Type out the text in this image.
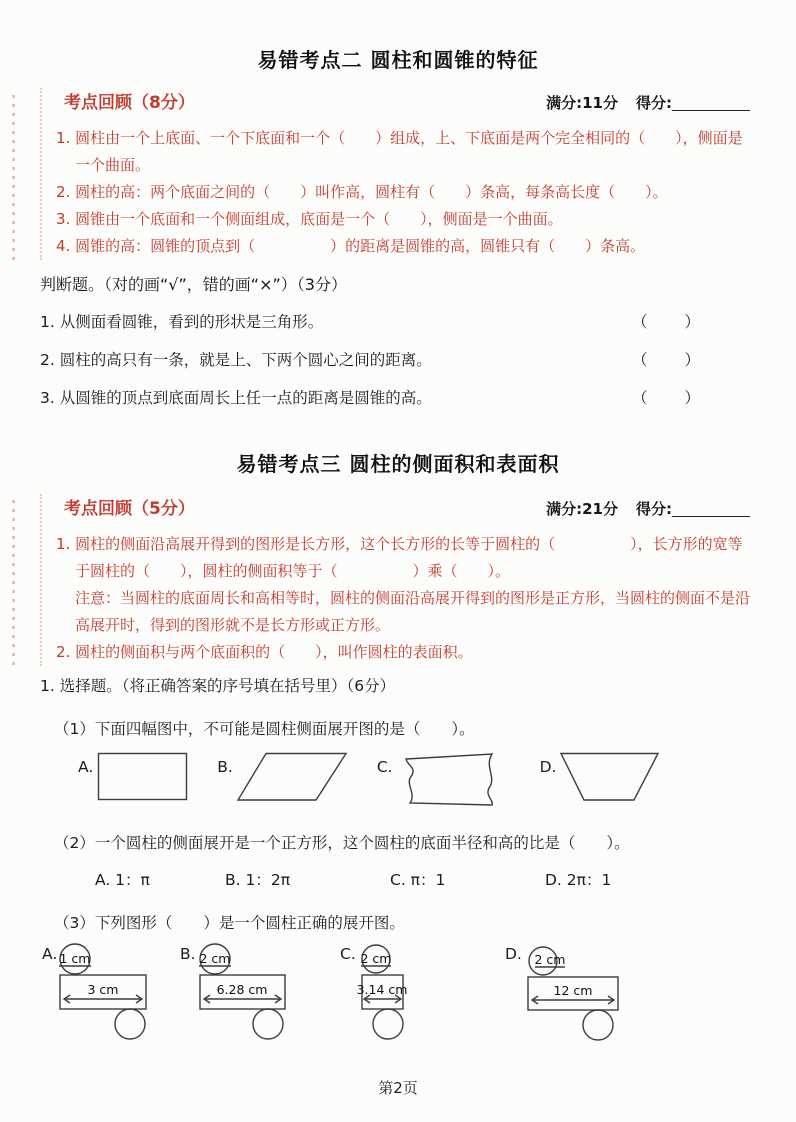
易错考点二 圆柱和圆锥的特征
考点回顾（8分）	满分:11分 得分:

1. 圆柱由一个上底面、一个下底面和一个（　　）组成，上、下底面是两个完全相同的（　　），侧面是一个曲面。

2. 圆柱的高：两个底面之间的（　　）叫作高，圆柱有（　　）条高，每条高长度（　　）。

3. 圆锥由一个底面和一个侧面组成，底面是一个（　　），侧面是一个曲面。

4. 圆锥的高：圆锥的顶点到（　　　　　）的距离是圆锥的高，圆锥只有（　　）条高。

判断题。（对的画“√”，错的画“×”）（3分）

1. 从侧面看圆锥，看到的形状是三角形。	（　　）
2. 圆柱的高只有一条，就是上、下两个圆心之间的距离。	（　　）
3. 从圆锥的顶点到底面周长上任一点的距离是圆锥的高。	（　　）
易错考点三 圆柱的侧面积和表面积
考点回顾（5分）	满分:21分 得分:

1. 圆柱的侧面沿高展开得到的图形是长方形，这个长方形的长等于圆柱的（　　　　　），长方形的宽等于圆柱的（　　），圆柱的侧面积等于（　　　　　）乘（　　）。

注意：当圆柱的底面周长和高相等时，圆柱的侧面沿高展开得到的图形是正方形，当圆柱的侧面不是沿高展开时，得到的图形就不是长方形或正方形。

2. 圆柱的侧面积与两个底面积的（　　），叫作圆柱的表面积。

1. 选择题。（将正确答案的序号填在括号里）（6分）

（1）下面四幅图中，不可能是圆柱侧面展开图的是（　　）。

A.	B.	C.	D.

（2）一个圆柱的侧面展开是一个正方形，这个圆柱的底面半径和高的比是（　　）。

A. 1：π	B. 1：2π	C. π：1	D. 2π：1

（3）下列图形（　　）是一个圆柱正确的展开图。

A. 1 cm
3 cm
B. 2 cm
6.28 cm
C. 2 cm
3.14 cm
D. 2 cm
12 cm
第2页
